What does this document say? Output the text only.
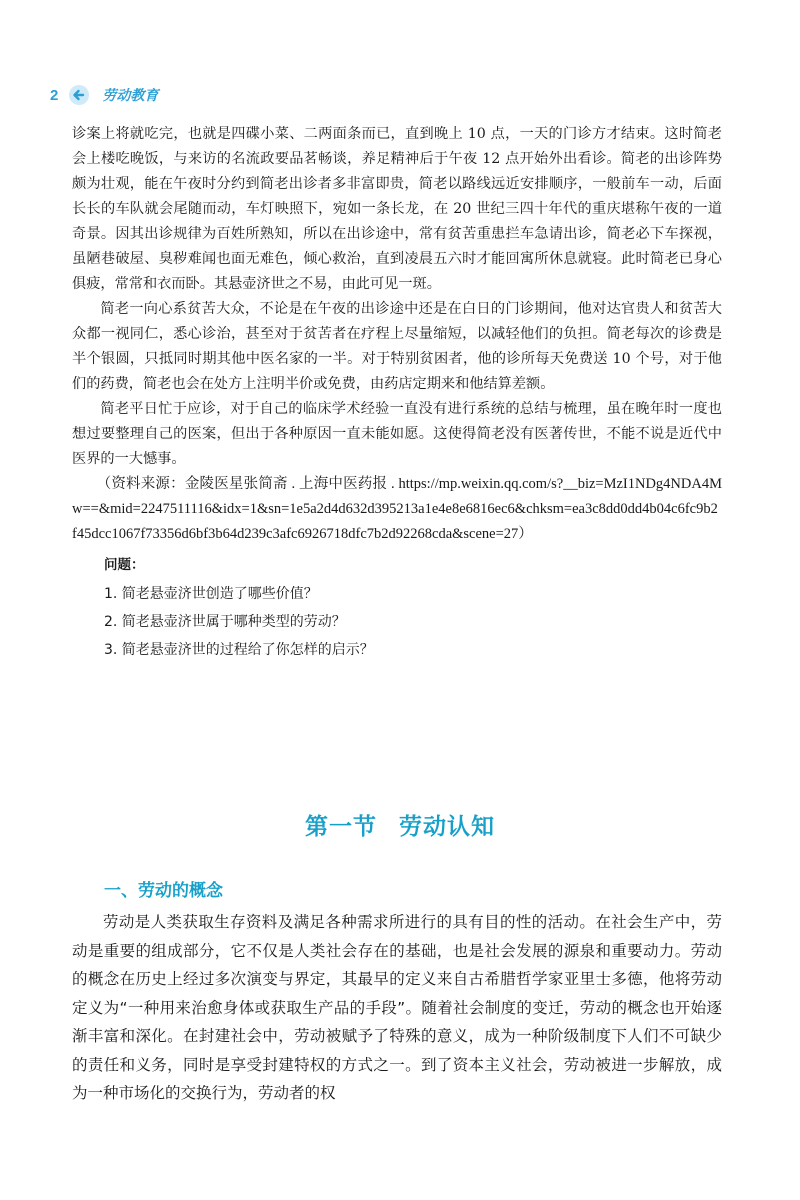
2	劳动教育

诊案上将就吃完，也就是四碟小菜、二两面条而已，直到晚上 10 点，一天的门诊方才结束。这时简老会上楼吃晚饭，与来访的名流政要品茗畅谈，养足精神后于午夜 12 点开始外出看诊。简老的出诊阵势颇为壮观，能在午夜时分约到简老出诊者多非富即贵，简老以路线远近安排顺序，一般前车一动，后面长长的车队就会尾随而动，车灯映照下，宛如一条长龙，在 20 世纪三四十年代的重庆堪称午夜的一道奇景。因其出诊规律为百姓所熟知，所以在出诊途中，常有贫苦重患拦车急请出诊，简老必下车探视，虽陋巷破屋、臭秽难闻也面无难色，倾心救治，直到凌晨五六时才能回寓所休息就寝。此时简老已身心俱疲，常常和衣而卧。其悬壶济世之不易，由此可见一斑。

简老一向心系贫苦大众，不论是在午夜的出诊途中还是在白日的门诊期间，他对达官贵人和贫苦大众都一视同仁，悉心诊治，甚至对于贫苦者在疗程上尽量缩短，以减轻他们的负担。简老每次的诊费是半个银圆，只抵同时期其他中医名家的一半。对于特别贫困者，他的诊所每天免费送 10 个号，对于他们的药费，简老也会在处方上注明半价或免费，由药店定期来和他结算差额。

简老平日忙于应诊，对于自己的临床学术经验一直没有进行系统的总结与梳理，虽在晚年时一度也想过要整理自己的医案，但出于各种原因一直未能如愿。这使得简老没有医著传世，不能不说是近代中医界的一大憾事。

（资料来源：金陵医星张简斋 . 上海中医药报 . https://mp.weixin.qq.com/s?__biz=MzI1NDg4NDA4Mw==&mid=2247511116&idx=1&sn=1e5a2d4d632d395213a1e4e8e6816ec6&chksm=ea3c8dd0dd4b04c6fc9b2f45dcc1067f73356d6bf3b64d239c3afc6926718dfc7b2d92268cda&scene=27）

问题：
1. 简老悬壶济世创造了哪些价值？
2. 简老悬壶济世属于哪种类型的劳动？
3. 简老悬壶济世的过程给了你怎样的启示？
第一节 劳动认知
一、劳动的概念

劳动是人类获取生存资料及满足各种需求所进行的具有目的性的活动。在社会生产中，劳动是重要的组成部分，它不仅是人类社会存在的基础，也是社会发展的源泉和重要动力。劳动的概念在历史上经过多次演变与界定，其最早的定义来自古希腊哲学家亚里士多德，他将劳动定义为“一种用来治愈身体或获取生产品的手段”。随着社会制度的变迁，劳动的概念也开始逐渐丰富和深化。在封建社会中，劳动被赋予了特殊的意义，成为一种阶级制度下人们不可缺少的责任和义务，同时是享受封建特权的方式之一。到了资本主义社会，劳动被进一步解放，成为一种市场化的交换行为，劳动者的权
